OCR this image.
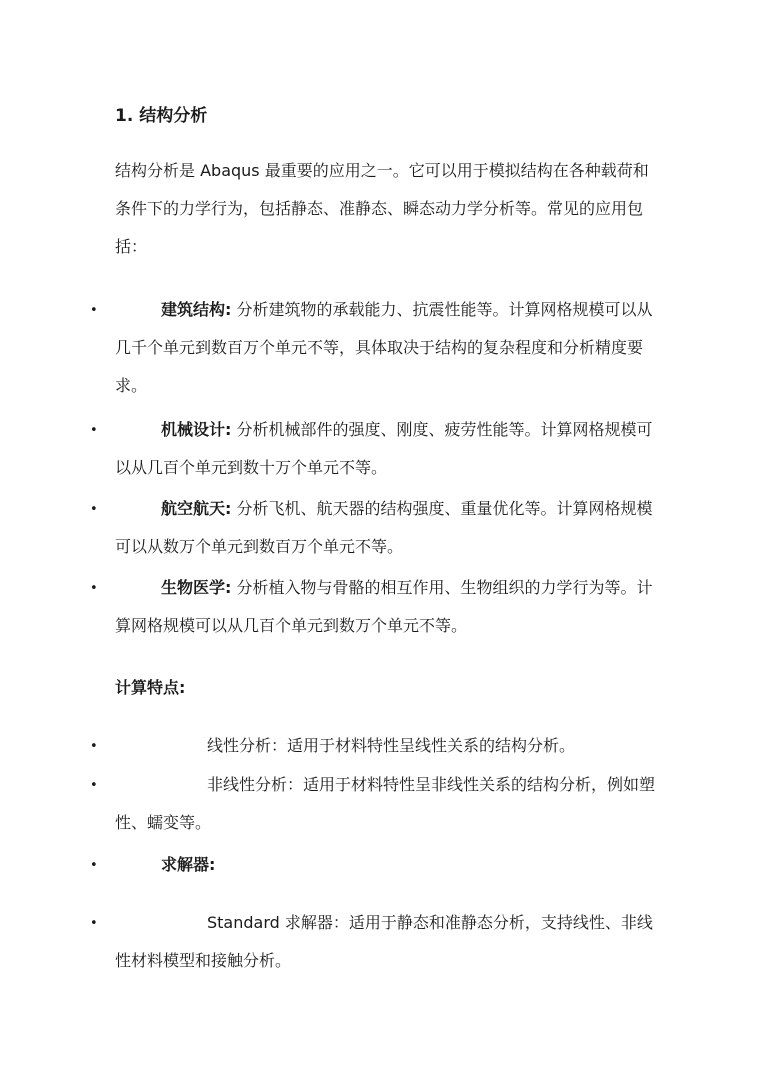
1. 结构分析

结构分析是 Abaqus 最重要的应用之一。它可以用于模拟结构在各种载荷和条件下的力学行为，包括静态、准静态、瞬态动力学分析等。常见的应用包括：

•	建筑结构: 分析建筑物的承载能力、抗震性能等。计算网格规模可以从几千个单元到数百万个单元不等，具体取决于结构的复杂程度和分析精度要求。

•	机械设计: 分析机械部件的强度、刚度、疲劳性能等。计算网格规模可以从几百个单元到数十万个单元不等。

•	航空航天: 分析飞机、航天器的结构强度、重量优化等。计算网格规模可以从数万个单元到数百万个单元不等。

•	生物医学: 分析植入物与骨骼的相互作用、生物组织的力学行为等。计算网格规模可以从几百个单元到数万个单元不等。

计算特点:

•	线性分析：适用于材料特性呈线性关系的结构分析。

•	非线性分析：适用于材料特性呈非线性关系的结构分析，例如塑性、蠕变等。

•	求解器:

•	Standard 求解器：适用于静态和准静态分析，支持线性、非线性材料模型和接触分析。
